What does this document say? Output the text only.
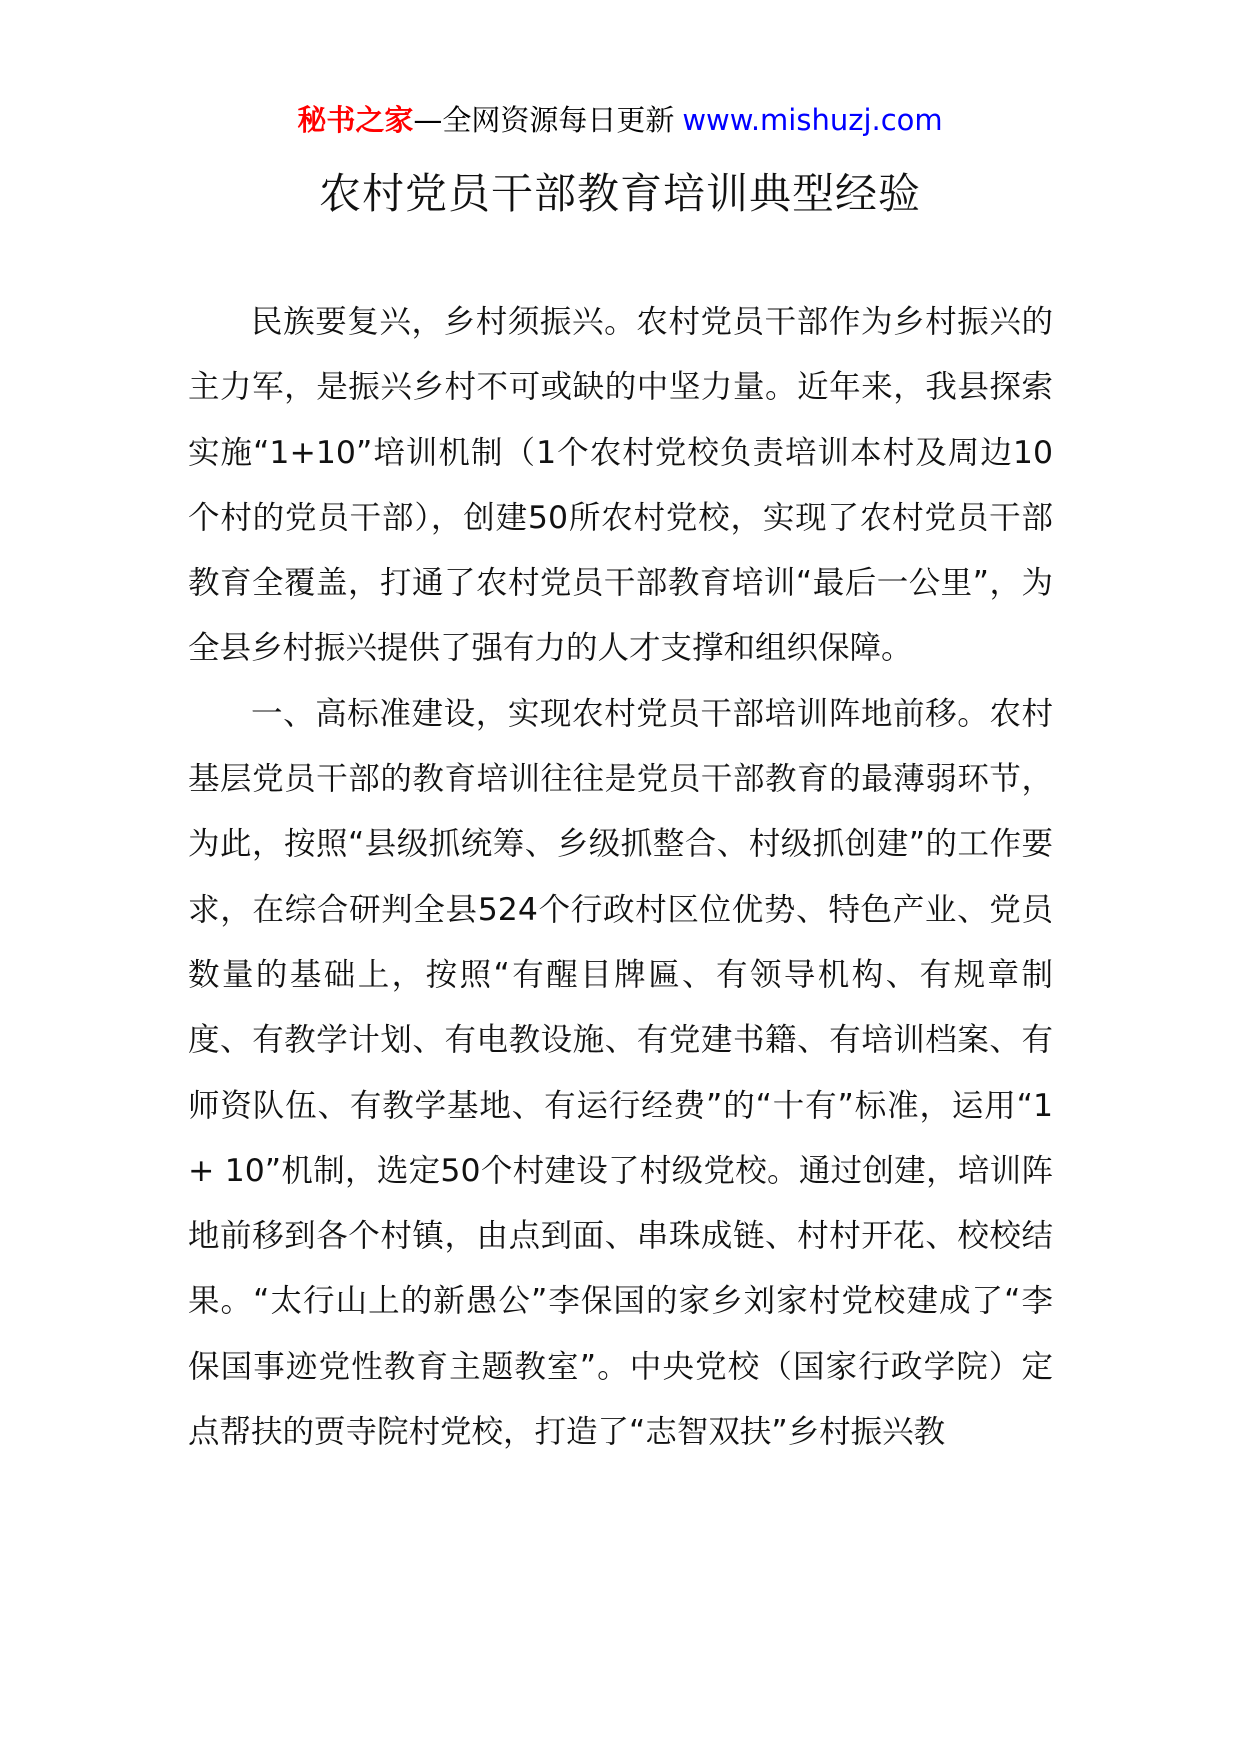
秘书之家—全网资源每日更新 www.mishuzj.com
农村党员干部教育培训典型经验

民族要复兴，乡村须振兴。农村党员干部作为乡村振兴的主力军，是振兴乡村不可或缺的中坚力量。近年来，我县探索实施“1+10”培训机制（1个农村党校负责培训本村及周边10个村的党员干部），创建50所农村党校，实现了农村党员干部教育全覆盖，打通了农村党员干部教育培训“最后一公里”，为全县乡村振兴提供了强有力的人才支撑和组织保障。

一、高标准建设，实现农村党员干部培训阵地前移。农村基层党员干部的教育培训往往是党员干部教育的最薄弱环节，为此，按照“县级抓统筹、乡级抓整合、村级抓创建”的工作要求，在综合研判全县524个行政村区位优势、特色产业、党员数量的基础上，按照“有醒目牌匾、有领导机构、有规章制度、有教学计划、有电教设施、有党建书籍、有培训档案、有师资队伍、有教学基地、有运行经费”的“十有”标准，运用“1+ 10”机制，选定50个村建设了村级党校。通过创建，培训阵地前移到各个村镇，由点到面、串珠成链、村村开花、校校结果。“太行山上的新愚公”李保国的家乡刘家村党校建成了“李保国事迹党性教育主题教室”。中央党校（国家行政学院）定点帮扶的贾寺院村党校，打造了“志智双扶”乡村振兴教
